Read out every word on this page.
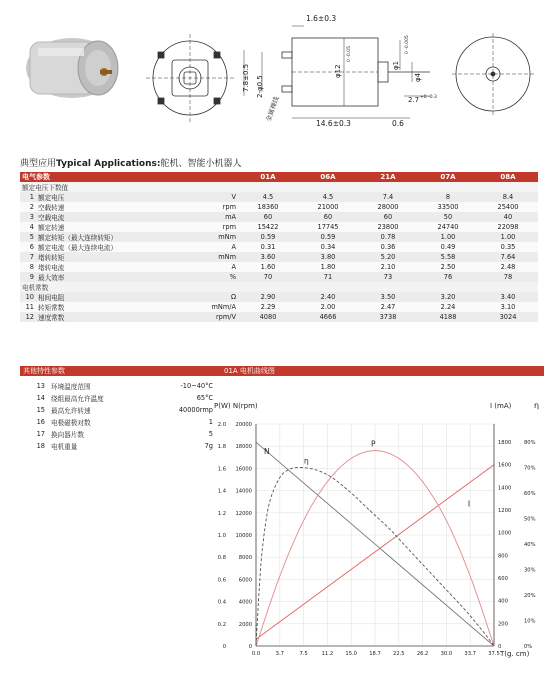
1.6±0.3
7.8±0.5 2-φ0.5
φ12
0 -0.05
φ1
0 -0.005
φ4
2.7 +0 -0.3
14.6±0.3	0.6
金属裸线
典型应用Typical Applications:舵机、智能小机器人
电气参数			01A	06A	21A	07A	08A
额定电压下数值							
1	额定电压	V	4.5	4.5	7.4	8	8.4
2	空载转速	rpm	18360	21000	28000	33500	25400
3	空载电流	mA	60	60	60	50	40
4	额定转速	rpm	15422	17745	23800	24740	22098
5	额定转矩（最大连续转矩）	mNm	0.59	0.59	0.78	1.00	1.00
6	额定电流（最大连续电流）	A	0.31	0.34	0.36	0.49	0.35
7	堵转转矩	mNm	3.60	3.80	5.20	5.58	7.64
8	堵转电流	A	1.60	1.80	2.10	2.50	2.48
9	最大效率	%	70	71	73	76	78
电机常数							
10	相间电阻	Ω	2.90	2.40	3.50	3.20	3.40
11	转矩常数	mNm/A	2.29	2.00	2.47	2.24	3.10
12	速度常数	rpm/V	4080	4666	3738	4188	3024
其他特性参数	01A 电机曲线图
13	环境温度范围	-10~40°C
14	绕组最高允许温度	65°C
15	最高允许转速	40000rmp
16	电极磁极对数	1
17	换向器片数	5
18	电机重量	7g
0
0
2000
0.2
4000
0.4
6000
0.6
8000
0.8
10000
1.0
12000
1.2
14000
1.4
16000
1.6
18000
1.8
20000
2.0
0.0	3.7	7.5	11.2 15.0 18.7 22.5 26.2 30.0 33.7 37.5
0
200
400
600
800
1000
1200
1400
1600
1800
0%
10%
20%
30%
40%
50%
60%
70%
80%
P(W) N(rpm)	I (mA)	η
T(g. cm)
N
η
P
I
